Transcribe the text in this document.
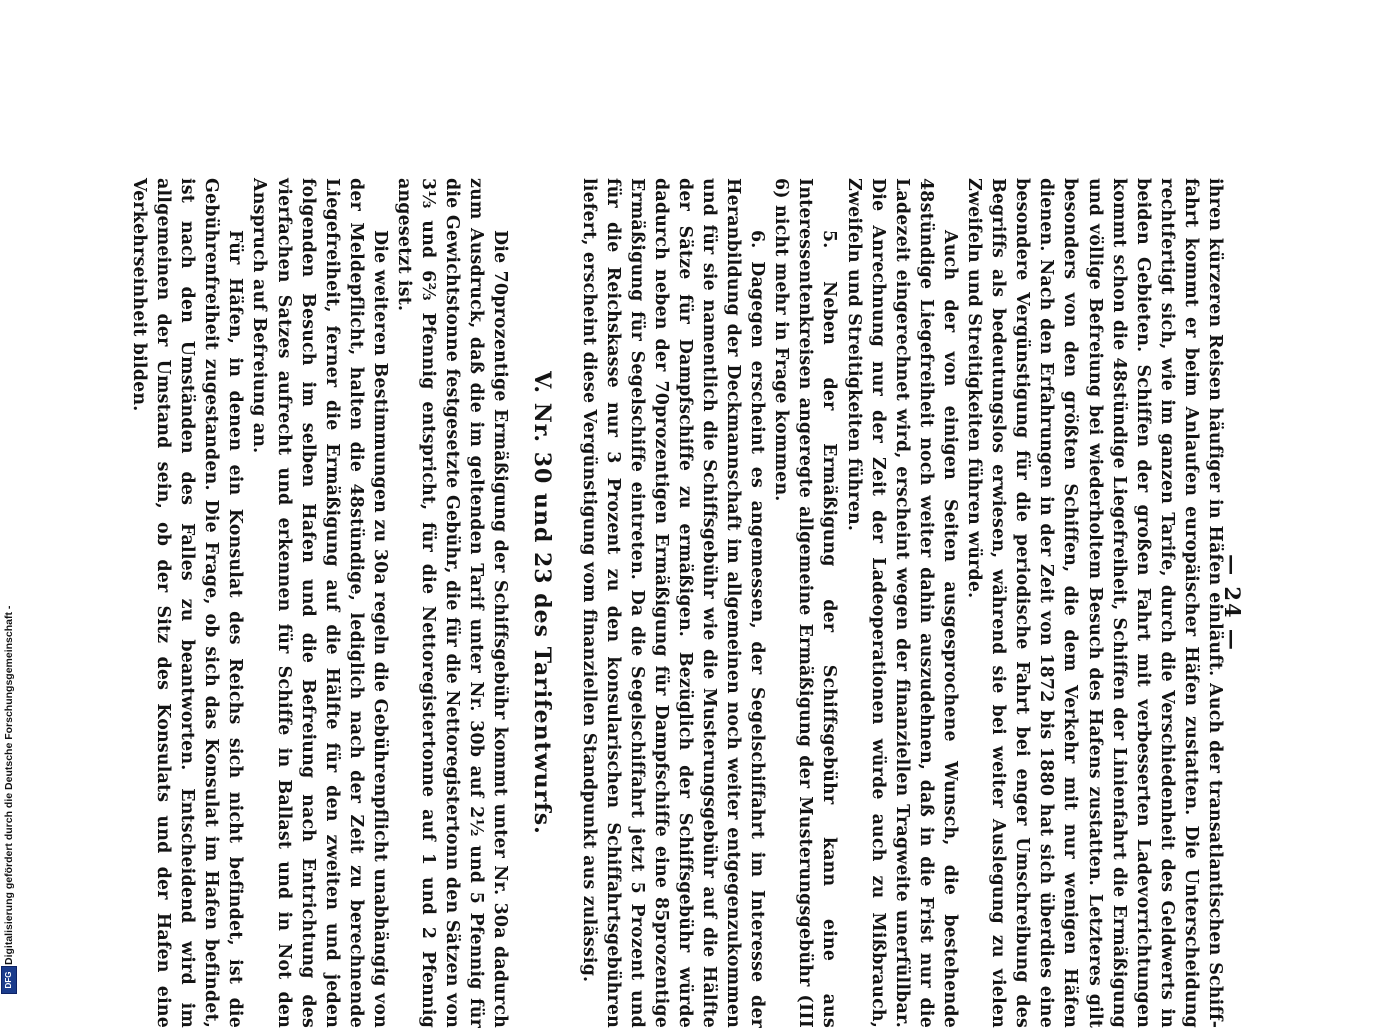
— 24 —

ihren kürzeren Reisen häufiger in Häfen einläuft. Auch der transatlantischen Schifffahrt kommt er beim Anlaufen europäischer Häfen zustatten. Die Unterscheidung rechtfertigt sich, wie im ganzen Tarife, durch die Verschiedenheit des Geldwerts in beiden Gebieten. Schiffen der großen Fahrt mit verbesserten Ladevorrichtungen kommt schon die 48stündige Liegefreiheit, Schiffen der Linienfahrt die Ermäßigung und völlige Befreiung bei wiederholtem Besuch des Hafens zustatten. Letzteres gilt besonders von den größten Schiffen, die dem Verkehr mit nur wenigen Häfen dienen. Nach den Erfahrungen in der Zeit von 1872 bis 1880 hat sich überdies eine besondere Vergünstigung für die periodische Fahrt bei enger Umschreibung des Begriffs als bedeutungslos erwiesen, während sie bei weiter Auslegung zu vielen Zweifeln und Streitigkeiten führen würde.

Auch der von einigen Seiten ausgesprochene Wunsch, die bestehende 48stündige Liegefreiheit noch weiter dahin auszudehnen, daß in die Frist nur die Ladezeit eingerechnet wird, erscheint wegen der finanziellen Tragweite unerfüllbar. Die Anrechnung nur der Zeit der Ladeoperationen würde auch zu Mißbrauch, Zweifeln und Streitigkeiten führen.

5. Neben der Ermäßigung der Schiffsgebühr kann eine aus Interessentenkreisen angeregte allgemeine Ermäßigung der Musterungsgebühr (III 6) nicht mehr in Frage kommen.

6. Dagegen erscheint es angemessen, der Segelschiffahrt im Interesse der Heranbildung der Deckmannschaft im allgemeinen noch weiter entgegenzukommen und für sie namentlich die Schiffsgebühr wie die Musterungsgebühr auf die Hälfte der Sätze für Dampfschiffe zu ermäßigen. Bezüglich der Schiffsgebühr würde dadurch neben der 70prozentigen Ermäßigung für Dampfschiffe eine 85prozentige Ermäßigung für Segelschiffe eintreten. Da die Segelschiffahrt jetzt 5 Prozent und für die Reichskasse nur 3 Prozent zu den konsularischen Schiffahrtsgebühren liefert, erscheint diese Vergünstigung vom finanziellen Standpunkt aus zulässig.

V. Nr. 30 und 23 des Tarifentwurfs.

Die 70prozentige Ermäßigung der Schiffsgebühr kommt unter Nr. 30a dadurch zum Ausdruck, daß die im geltenden Tarif unter Nr. 30b auf 2½ und 5 Pfennig für die Gewichtstonne festgesetzte Gebühr, die für die Nettoregistertonn den Sätzen von 3⅓ und 6⅔ Pfennig entspricht, für die Nettoregistertonne auf 1 und 2 Pfennig angesetzt ist.

Die weiteren Bestimmungen zu 30a regeln die Gebührenpflicht unabhängig von der Meldepflicht, halten die 48stündige, lediglich nach der Zeit zu berechnende Liegefreiheit, ferner die Ermäßigung auf die Hälfte für den zweiten und jeden folgenden Besuch im selben Hafen und die Befreiung nach Entrichtung des vierfachen Satzes aufrecht und erkennen für Schiffe in Ballast und in Not den Anspruch auf Befreiung an.

Für Häfen, in denen ein Konsulat des Reichs sich nicht befindet, ist die Gebührenfreiheit zugestanden. Die Frage, ob sich das Konsulat im Hafen befindet, ist nach den Umständen des Falles zu beantworten. Entscheidend wird im allgemeinen der Umstand sein, ob der Sitz des Konsulats und der Hafen eine Verkehrseinheit bilden.

Digitalisierung gefördert durch die Deutsche Forschungsgemeinschaft -
DFG
